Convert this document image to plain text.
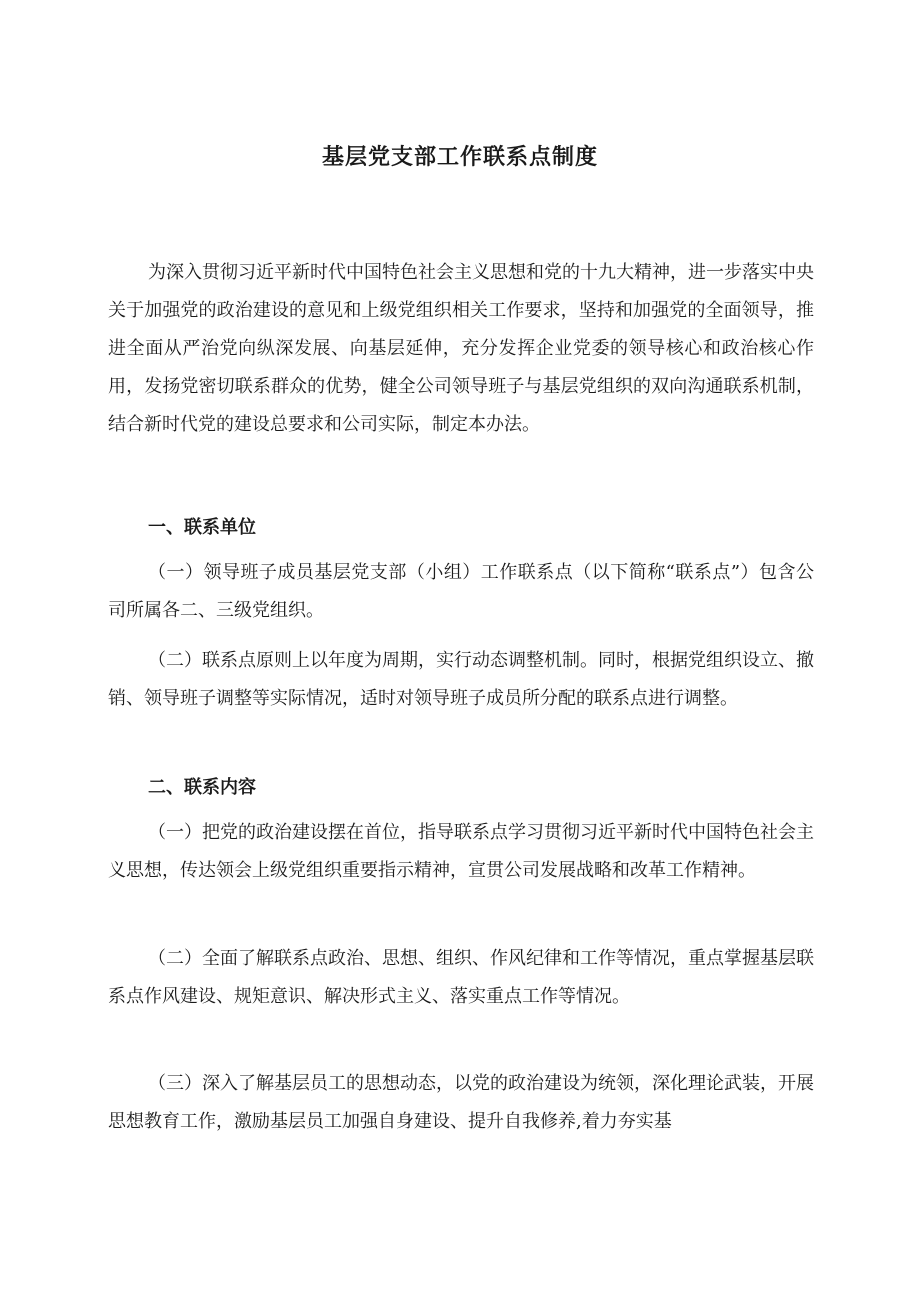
基层党支部工作联系点制度

为深入贯彻习近平新时代中国特色社会主义思想和党的十九大精神，进一步落实中央关于加强党的政治建设的意见和上级党组织相关工作要求，坚持和加强党的全面领导，推进全面从严治党向纵深发展、向基层延伸，充分发挥企业党委的领导核心和政治核心作用，发扬党密切联系群众的优势，健全公司领导班子与基层党组织的双向沟通联系机制，结合新时代党的建设总要求和公司实际，制定本办法。

一、联系单位

（一）领导班子成员基层党支部（小组）工作联系点（以下简称“联系点”）包含公司所属各二、三级党组织。

（二）联系点原则上以年度为周期，实行动态调整机制。同时，根据党组织设立、撤销、领导班子调整等实际情况，适时对领导班子成员所分配的联系点进行调整。

二、联系内容

（一）把党的政治建设摆在首位，指导联系点学习贯彻习近平新时代中国特色社会主义思想，传达领会上级党组织重要指示精神，宣贯公司发展战略和改革工作精神。

（二）全面了解联系点政治、思想、组织、作风纪律和工作等情况，重点掌握基层联系点作风建设、规矩意识、解决形式主义、落实重点工作等情况。

（三）深入了解基层员工的思想动态，以党的政治建设为统领，深化理论武装，开展思想教育工作，激励基层员工加强自身建设、提升自我修养,着力夯实基
